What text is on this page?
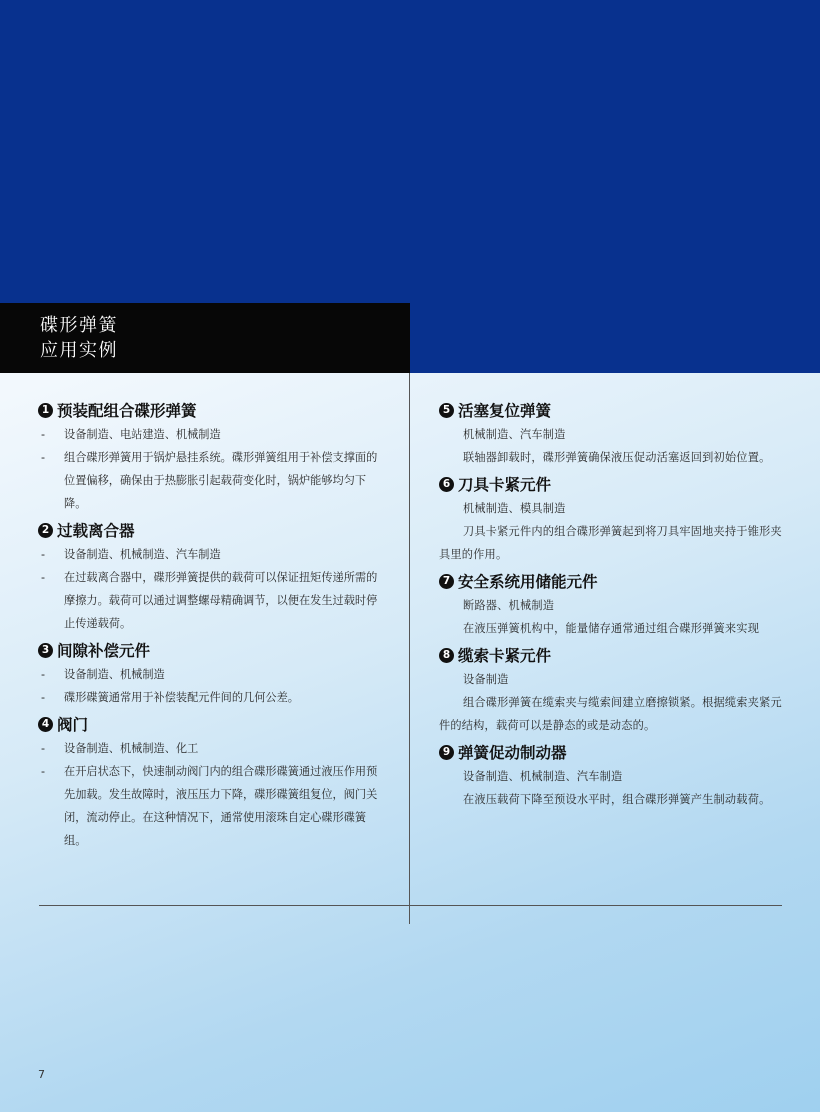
碟形弹簧
应用实例
1 预装配组合碟形弹簧
-	设备制造、电站建造、机械制造
-	组合碟形弹簧用于锅炉悬挂系统。碟形弹簧组用于补偿支撑面的位置偏移，确保由于热膨胀引起载荷变化时，锅炉能够均匀下降。
2 过载离合器
-	设备制造、机械制造、汽车制造
-	在过载离合器中，碟形弹簧提供的载荷可以保证扭矩传递所需的摩擦力。载荷可以通过调整螺母精确调节，以便在发生过载时停止传递载荷。
3 间隙补偿元件
-	设备制造、机械制造
-	碟形碟簧通常用于补偿装配元件间的几何公差。
4 阀门
-	设备制造、机械制造、化工
-	在开启状态下，快速制动阀门内的组合碟形碟簧通过液压作用预先加载。发生故障时，液压压力下降，碟形碟簧组复位，阀门关闭，流动停止。在这种情况下，通常使用滚珠自定心碟形碟簧组。
5 活塞复位弹簧
机械制造、汽车制造
联轴器卸载时，碟形弹簧确保液压促动活塞返回到初始位置。
6 刀具卡紧元件
机械制造、模具制造
刀具卡紧元件内的组合碟形弹簧起到将刀具牢固地夹持于锥形夹具里的作用。
7 安全系统用储能元件
断路器、机械制造
在液压弹簧机构中，能量储存通常通过组合碟形弹簧来实现
8 缆索卡紧元件
设备制造
组合碟形弹簧在缆索夹与缆索间建立磨擦锁紧。根据缆索夹紧元件的结构，载荷可以是静态的或是动态的。
9 弹簧促动制动器
设备制造、机械制造、汽车制造
在液压载荷下降至预设水平时，组合碟形弹簧产生制动载荷。
7
